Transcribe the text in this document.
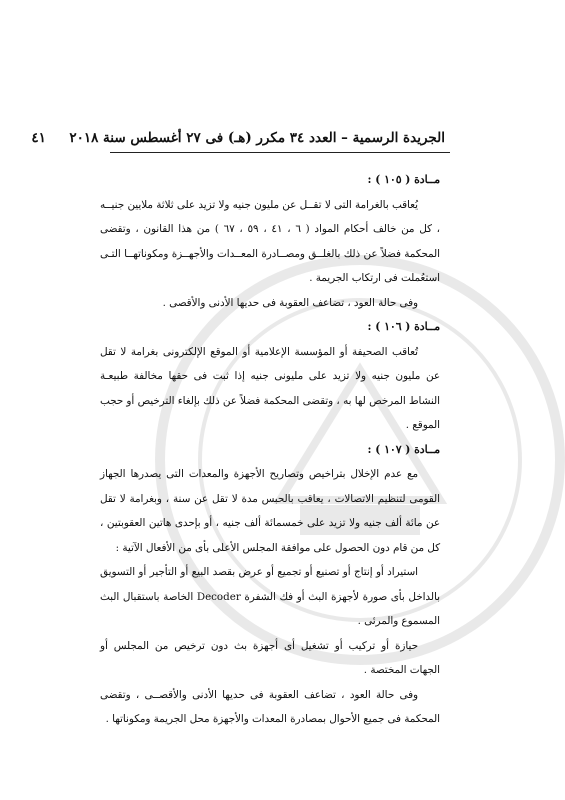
الجريدة الرسمية – العدد ٣٤ مكرر (هـ) فى ٢٧ أغسطس سنة ٢٠١٨     ٤١

مــادة ( ١٠٥ ) :

يُعاقب بالغرامة التى لا تقــل عن مليون جنيه ولا تزيد على ثلاثة ملايين جنيــه ، كل من خالف أحكام المواد ( ٦ ، ٤١ ، ٥٩ ، ٦٧ ) من هذا القانون ، وتقضى المحكمة فضلاً عن ذلك بالغلــق ومصــادرة المعــدات والأجهــزة ومكوناتهــا التـى استعُملت فى ارتكاب الجريمة .

وفى حالة العود ، تضاعف العقوبة فى حديها الأدنى والأقصى .

مــادة ( ١٠٦ ) :

تُعاقب الصحيفة أو المؤسسة الإعلامية أو الموقع الإلكترونى بغرامة لا تقل عن مليون جنيه ولا تزيد على مليونى جنيه إذا ثبت فى حقها مخالفة طبيعـة النشاط المرخص لها به ، وتقضى المحكمة فضلاً عن ذلك بإلغاء الترخيص أو حجب الموقع .

مــادة ( ١٠٧ ) :

مع عدم الإخلال بتراخيص وتصاريح الأجهزة والمعدات التى يصدرها الجهاز القومى لتنظيم الاتصالات ، يعاقب بالحبس مدة لا تقل عن سنة ، وبغرامة لا تقل عن مائة ألف جنيه ولا تزيد على خمسمائة ألف جنيه ، أو بإحدى هاتين العقوبتين ، كل من قام دون الحصول على موافقة المجلس الأعلى بأى من الأفعال الآتية :

استيراد أو إنتاج أو تصنيع أو تجميع أو عرض بقصد البيع أو التأجير أو التسويق بالداخل بأى صورة لأجهزة البث أو فك الشفرة Decoder الخاصة باستقبال البث المسموع والمرئى .

حيازة أو تركيب أو تشغيل أى أجهزة بث دون ترخيص من المجلس أو الجهات المختصة .

وفى حالة العود ، تضاعف العقوبة فى حديها الأدنى والأقصــى ، وتقضى المحكمة فى جميع الأحوال بمصادرة المعدات والأجهزة محل الجريمة ومكوناتها .
